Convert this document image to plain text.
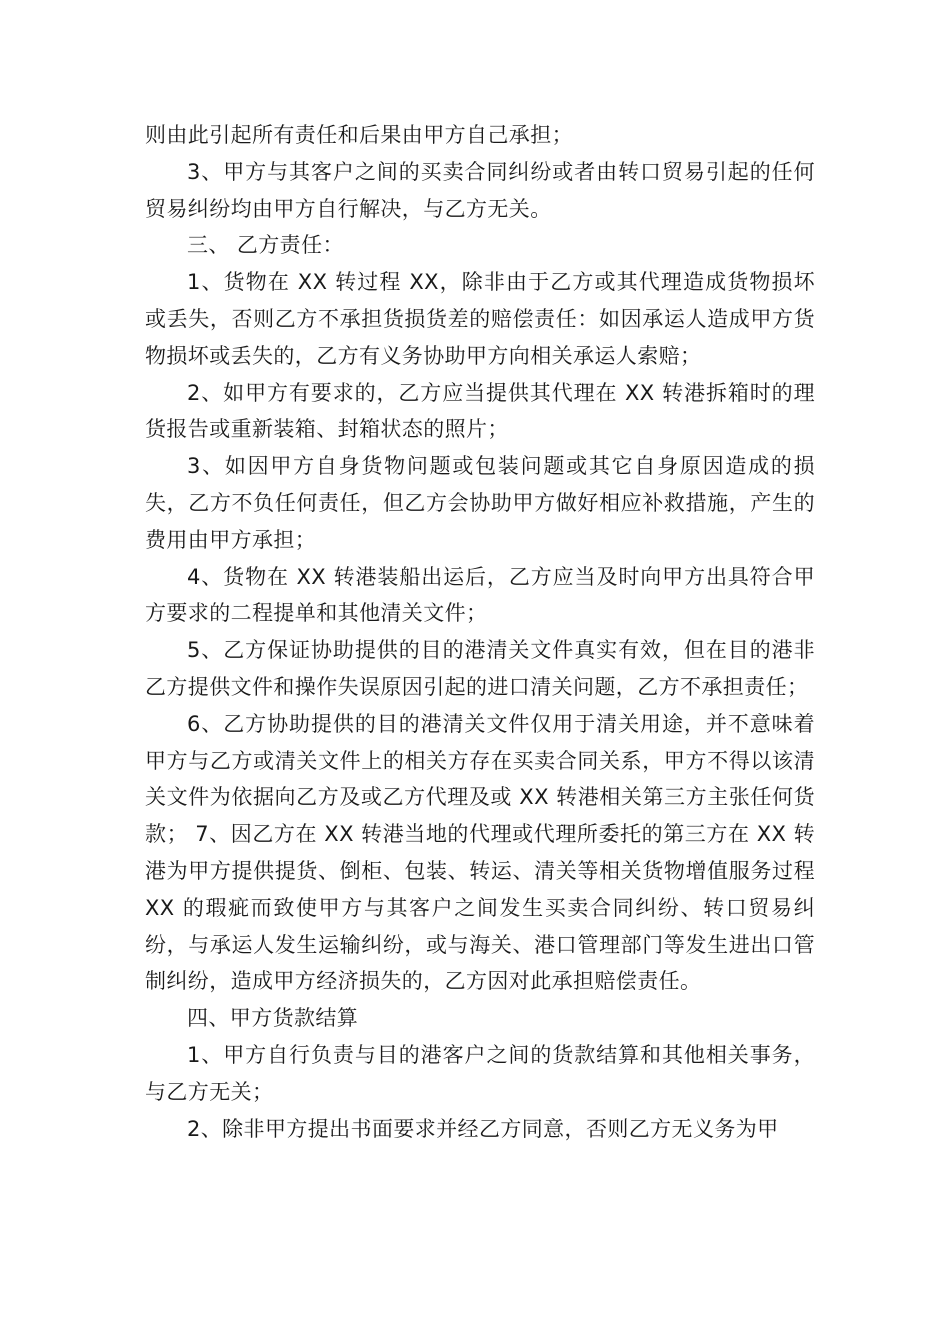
则由此引起所有责任和后果由甲方自己承担；

3、甲方与其客户之间的买卖合同纠纷或者由转口贸易引起的任何贸易纠纷均由甲方自行解决，与乙方无关。

三、 乙方责任：

1、货物在 XX 转过程 XX，除非由于乙方或其代理造成货物损坏或丢失，否则乙方不承担货损货差的赔偿责任：如因承运人造成甲方货物损坏或丢失的，乙方有义务协助甲方向相关承运人索赔；

2、如甲方有要求的，乙方应当提供其代理在 XX 转港拆箱时的理货报告或重新装箱、封箱状态的照片；

3、如因甲方自身货物问题或包装问题或其它自身原因造成的损失，乙方不负任何责任，但乙方会协助甲方做好相应补救措施，产生的费用由甲方承担；

4、货物在 XX 转港装船出运后，乙方应当及时向甲方出具符合甲方要求的二程提单和其他清关文件；

5、乙方保证协助提供的目的港清关文件真实有效，但在目的港非乙方提供文件和操作失误原因引起的进口清关问题，乙方不承担责任；

6、乙方协助提供的目的港清关文件仅用于清关用途，并不意味着甲方与乙方或清关文件上的相关方存在买卖合同关系，甲方不得以该清关文件为依据向乙方及或乙方代理及或 XX 转港相关第三方主张任何货款； 7、因乙方在 XX 转港当地的代理或代理所委托的第三方在 XX 转港为甲方提供提货、倒柜、包装、转运、清关等相关货物增值服务过程 XX 的瑕疵而致使甲方与其客户之间发生买卖合同纠纷、转口贸易纠纷，与承运人发生运输纠纷，或与海关、港口管理部门等发生进出口管制纠纷，造成甲方经济损失的，乙方因对此承担赔偿责任。

四、甲方货款结算

1、甲方自行负责与目的港客户之间的货款结算和其他相关事务，与乙方无关；

2、除非甲方提出书面要求并经乙方同意，否则乙方无义务为甲
